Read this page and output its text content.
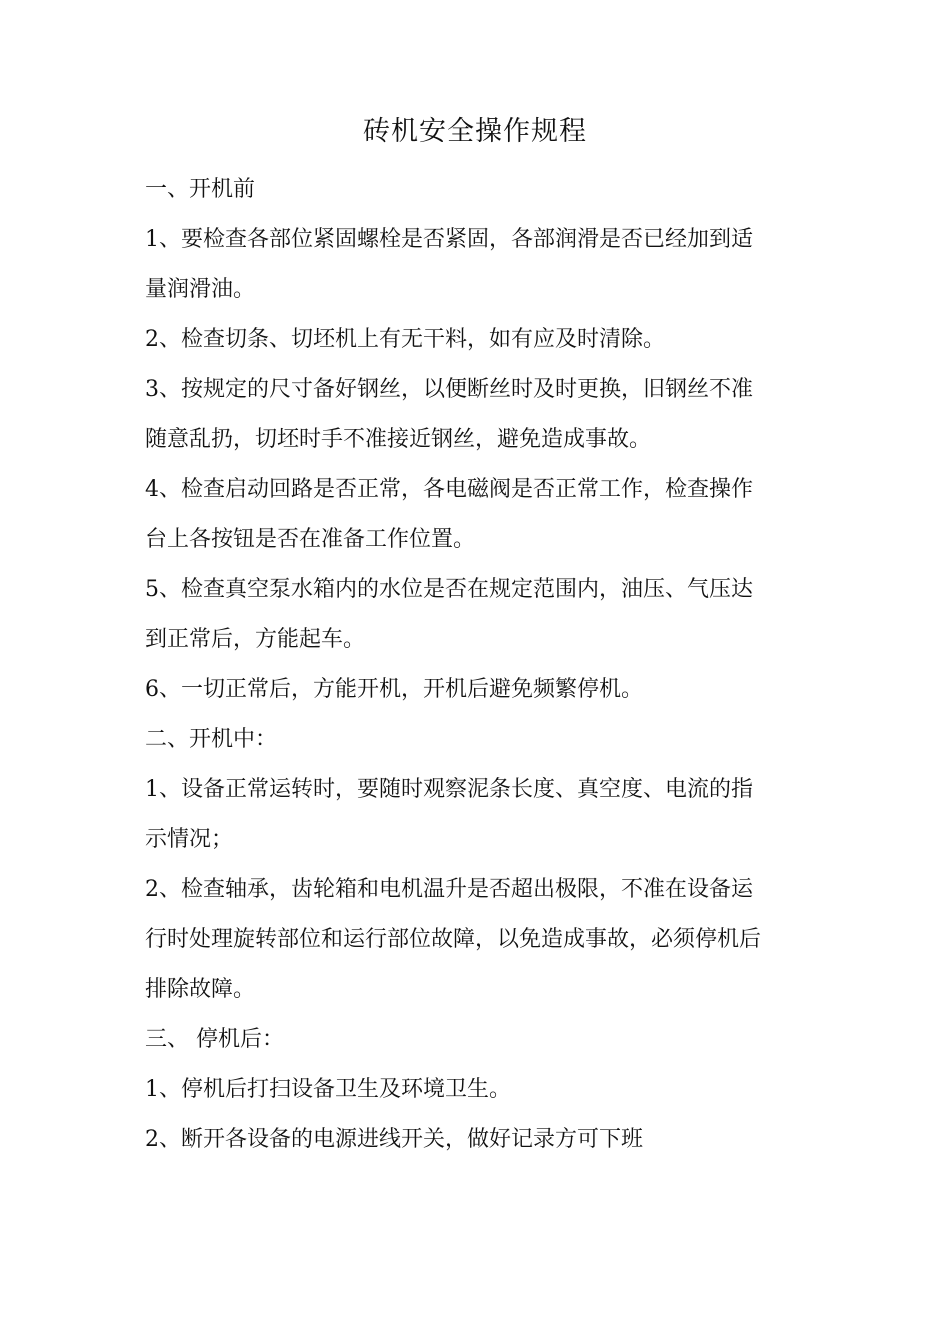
砖机安全操作规程
一、开机前
1、要检查各部位紧固螺栓是否紧固，各部润滑是否已经加到适
量润滑油。
2、检查切条、切坯机上有无干料，如有应及时清除。
3、按规定的尺寸备好钢丝，以便断丝时及时更换，旧钢丝不准
随意乱扔，切坯时手不准接近钢丝，避免造成事故。
4、检查启动回路是否正常，各电磁阀是否正常工作，检查操作
台上各按钮是否在准备工作位置。
5、检查真空泵水箱内的水位是否在规定范围内，油压、气压达
到正常后，方能起车。
6、一切正常后，方能开机，开机后避免频繁停机。
二、开机中：
1、设备正常运转时，要随时观察泥条长度、真空度、电流的指
示情况；
2、检查轴承，齿轮箱和电机温升是否超出极限，不准在设备运
行时处理旋转部位和运行部位故障，以免造成事故，必须停机后
排除故障。
三、 停机后：
1、停机后打扫设备卫生及环境卫生。
2、断开各设备的电源进线开关，做好记录方可下班
